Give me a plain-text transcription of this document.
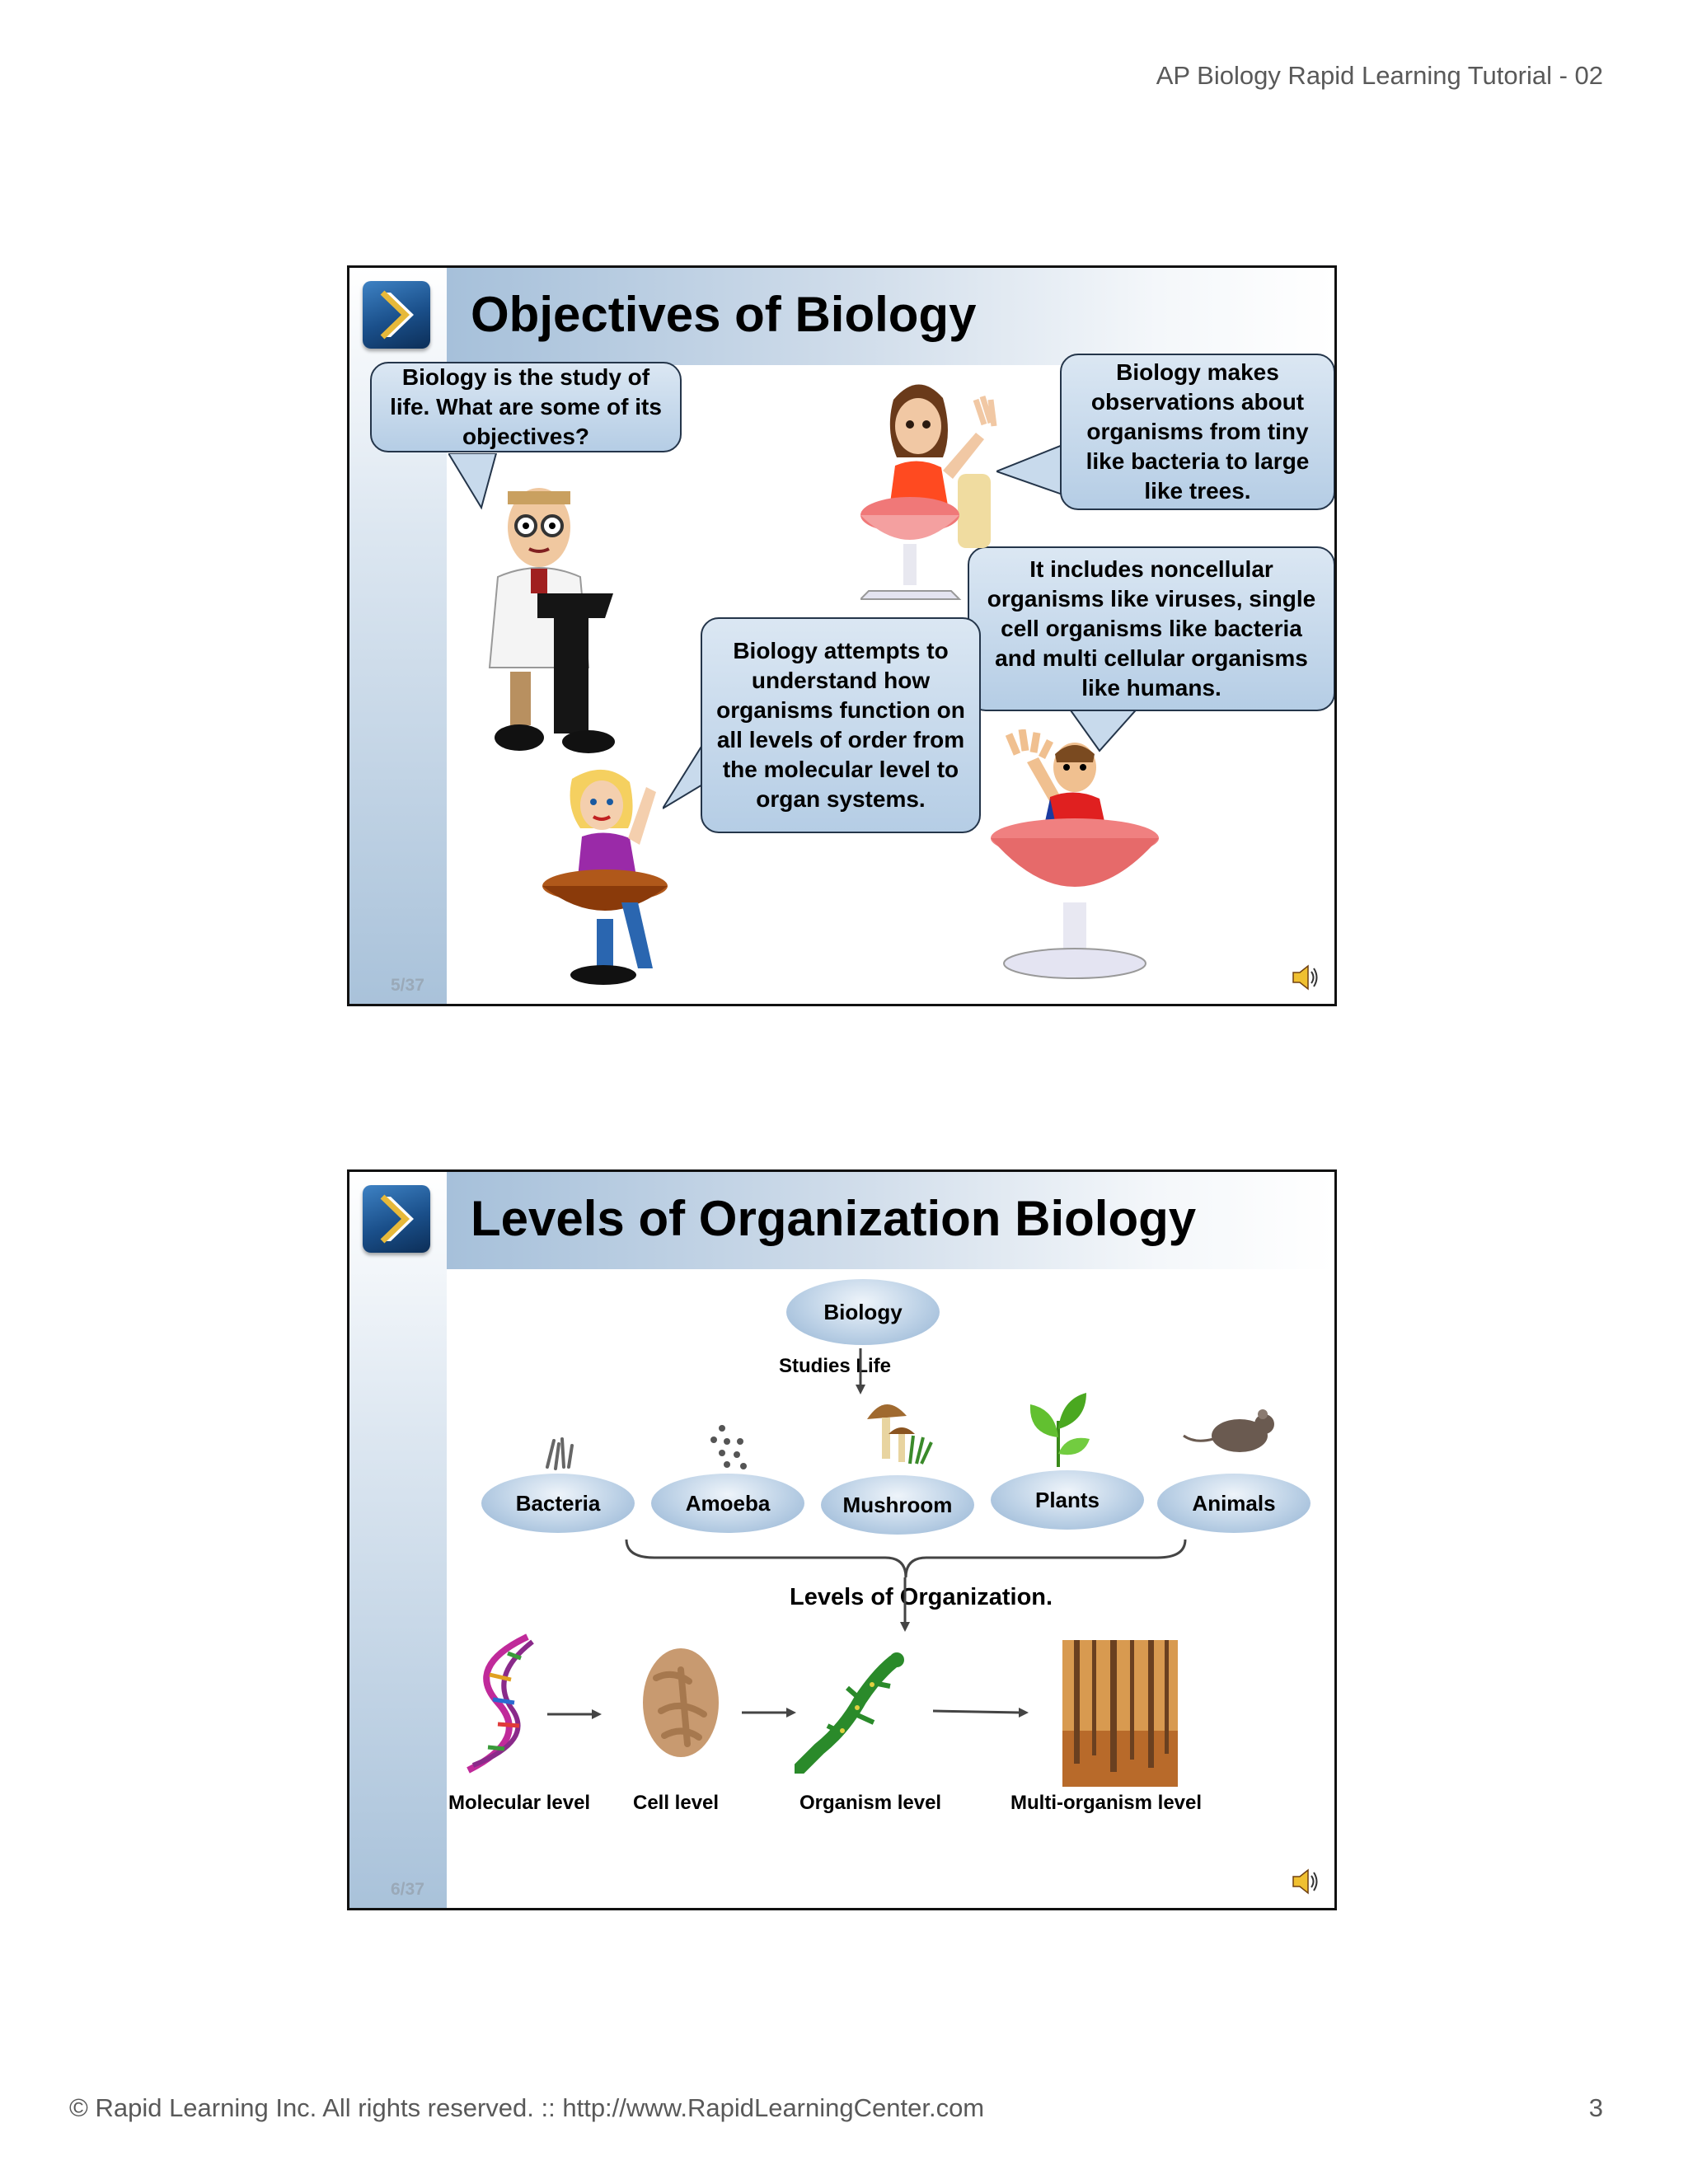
AP Biology Rapid Learning Tutorial - 02
Objectives of Biology
Biology is the study of life. What are some of its objectives?
Biology makes observations about organisms from tiny like bacteria to large like trees.
It includes noncellular organisms like viruses, single cell organisms like bacteria and multi cellular organisms like humans.
Biology attempts to understand how organisms function on all levels of order from the molecular level to organ systems.
5/37
Levels of Organization Biology
Biology
Studies Life
Bacteria	Amoeba	Mushroom	Plants	Animals
Levels of Organization.
Molecular level Cell level	Organism level	Multi-organism level
6/37
© Rapid Learning Inc. All rights reserved. :: http://www.RapidLearningCenter.com	3
